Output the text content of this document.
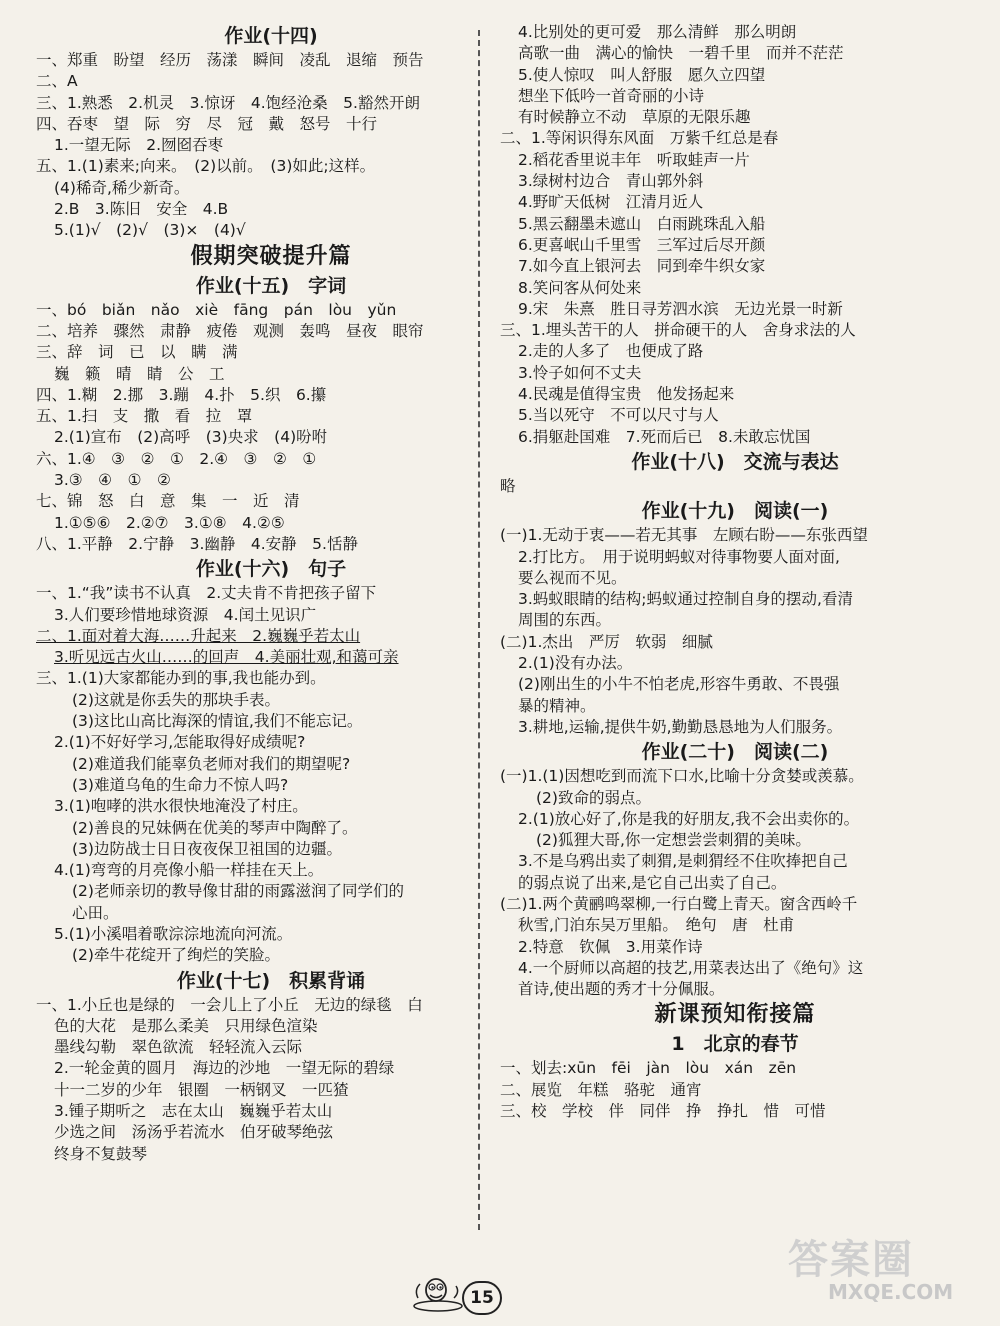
作业(十四)
一、郑重　盼望　经历　荡漾　瞬间　凌乱　退缩　预告
二、A
三、1.熟悉　2.机灵　3.惊讶　4.饱经沧桑　5.豁然开朗
四、吞枣　望　际　穷　尽　冠　戴　怒号　十行
1.一望无际　2.囫囵吞枣
五、1.(1)素来;向来。　(2)以前。　(3)如此;这样。
(4)稀奇,稀少新奇。
2.B　3.陈旧　安全　4.B
5.(1)√　(2)√　(3)×　(4)√
假期突破提升篇
作业(十五)　字词
一、bó　biǎn　nǎo　xiè　fāng　pán　lòu　yǔn
二、培养　骤然　肃静　疲倦　观测　轰鸣　昼夜　眼帘
三、辞　词　已　以　瞒　满
巍　籁　晴　睛　公　工
四、1.糊　2.挪　3.蹦　4.扑　5.织　6.攥
五、1.扫　支　撒　看　拉　罩
2.(1)宣布　(2)高呼　(3)央求　(4)吩咐
六、1.④　③　②　①　2.④　③　②　①
3.③　④　①　②
七、锦　怒　白　意　集　一　近　清
1.①⑤⑥　2.②⑦　3.①⑧　4.②⑤
八、1.平静　2.宁静　3.幽静　4.安静　5.恬静
作业(十六)　句子
一、1.“我”读书不认真　2.丈夫肯不肯把孩子留下
3.人们要珍惜地球资源　4.闰土见识广
二、1.面对着大海……升起来　2.巍巍乎若太山
3.听见远古火山……的回声　4.美丽壮观,和蔼可亲
三、1.(1)大家都能办到的事,我也能办到。
(2)这就是你丢失的那块手表。
(3)这比山高比海深的情谊,我们不能忘记。
2.(1)不好好学习,怎能取得好成绩呢?
(2)难道我们能辜负老师对我们的期望呢?
(3)难道乌龟的生命力不惊人吗?
3.(1)咆哮的洪水很快地淹没了村庄。
(2)善良的兄妹俩在优美的琴声中陶醉了。
(3)边防战士日日夜夜保卫祖国的边疆。
4.(1)弯弯的月亮像小船一样挂在天上。
(2)老师亲切的教导像甘甜的雨露滋润了同学们的
心田。
5.(1)小溪唱着歌淙淙地流向河流。
(2)牵牛花绽开了绚烂的笑脸。
作业(十七)　积累背诵
一、1.小丘也是绿的　一会儿上了小丘　无边的绿毯　白
色的大花　是那么柔美　只用绿色渲染
墨线勾勒　翠色欲流　轻轻流入云际
2.一轮金黄的圆月　海边的沙地　一望无际的碧绿
十一二岁的少年　银圈　一柄钢叉　一匹猹
3.锺子期听之　志在太山　巍巍乎若太山
少选之间　汤汤乎若流水　伯牙破琴绝弦
终身不复鼓琴
4.比别处的更可爱　那么清鲜　那么明朗
高歌一曲　满心的愉快　一碧千里　而并不茫茫
5.使人惊叹　叫人舒服　愿久立四望
想坐下低吟一首奇丽的小诗
有时候静立不动　草原的无限乐趣
二、1.等闲识得东风面　万紫千红总是春
2.稻花香里说丰年　听取蛙声一片
3.绿树村边合　青山郭外斜
4.野旷天低树　江清月近人
5.黑云翻墨未遮山　白雨跳珠乱入船
6.更喜岷山千里雪　三军过后尽开颜
7.如今直上银河去　同到牵牛织女家
8.笑问客从何处来
9.宋　朱熹　胜日寻芳泗水滨　无边光景一时新
三、1.埋头苦干的人　拼命硬干的人　舍身求法的人
2.走的人多了　也便成了路
3.怜子如何不丈夫
4.民魂是值得宝贵　他发扬起来
5.当以死守　不可以尺寸与人
6.捐躯赴国难　7.死而后已　8.未敢忘忧国
作业(十八)　交流与表达
略
作业(十九)　阅读(一)
(一)1.无动于衷——若无其事　左顾右盼——东张西望
2.打比方。　用于说明蚂蚁对待事物要人面对面,
要么视而不见。
3.蚂蚁眼睛的结构;蚂蚁通过控制自身的摆动,看清
周围的东西。
(二)1.杰出　严厉　软弱　细腻
2.(1)没有办法。
(2)刚出生的小牛不怕老虎,形容牛勇敢、不畏强
暴的精神。
3.耕地,运输,提供牛奶,勤勤恳恳地为人们服务。
作业(二十)　阅读(二)
(一)1.(1)因想吃到而流下口水,比喻十分贪婪或羡慕。
(2)致命的弱点。
2.(1)放心好了,你是我的好朋友,我不会出卖你的。
(2)狐狸大哥,你一定想尝尝刺猬的美味。
3.不是乌鸦出卖了刺猬,是刺猬经不住吹捧把自己
的弱点说了出来,是它自己出卖了自己。
(二)1.两个黄鹂鸣翠柳,一行白鹭上青天。窗含西岭千
秋雪,门泊东吴万里船。　绝句　唐　杜甫
2.特意　钦佩　3.用菜作诗
4.一个厨师以高超的技艺,用菜表达出了《绝句》这
首诗,使出题的秀才十分佩服。
新课预知衔接篇
1　北京的春节
一、划去:xūn　fēi　jàn　lòu　xán　zēn
二、展览　年糕　骆驼　通宵
三、校　学校　伴　同伴　挣　挣扎　惜　可惜
15
答案圈
MXQE.COM
